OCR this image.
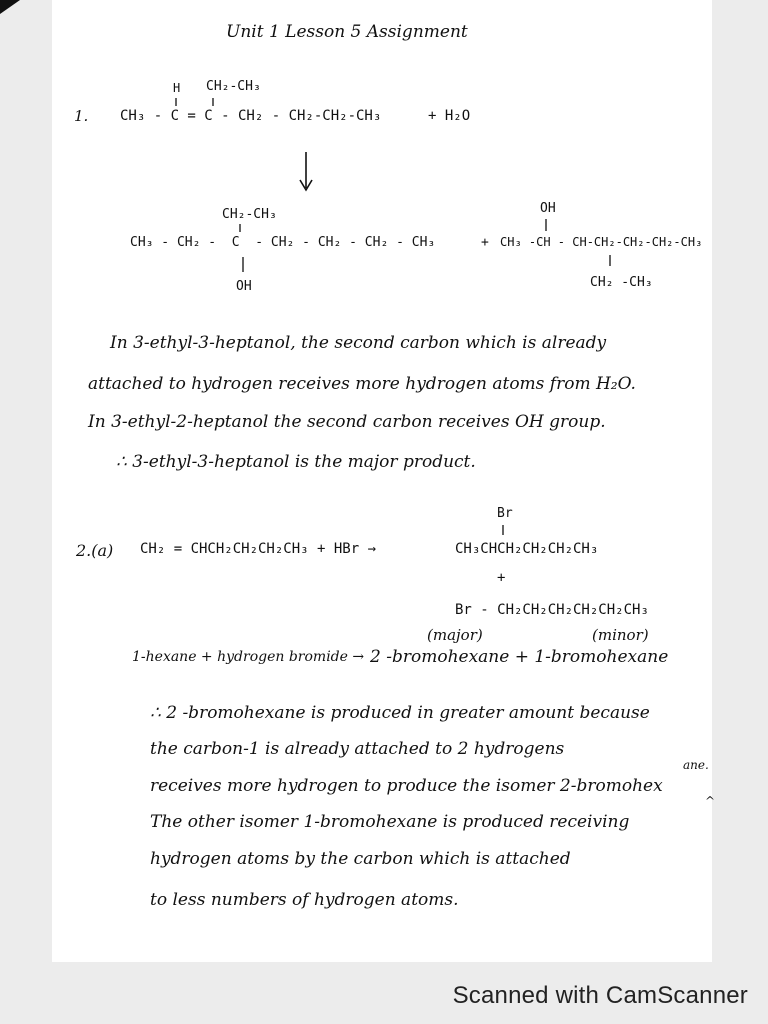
Unit 1 Lesson 5 Assignment
1.
H CH₂-CH₃
CH₃ - C = C - CH₂ - CH₂-CH₂-CH₃	+ H₂O
CH₂-CH₃
CH₃ - CH₂ -  C  - CH₂ - CH₂ - CH₂ - CH₃
OH
+
OH
CH₃ -CH - CH-CH₂-CH₂-CH₂-CH₃
CH₂ -CH₃
In 3-ethyl-3-heptanol, the second carbon which is already
attached to hydrogen receives more hydrogen atoms from H₂O.
In 3-ethyl-2-heptanol the second carbon receives OH group.
∴ 3-ethyl-3-heptanol is the major product.
Br
2.(a) CH₂ = CHCH₂CH₂CH₂CH₃ + HBr →	CH₃CHCH₂CH₂CH₂CH₃
+
Br - CH₂CH₂CH₂CH₂CH₂CH₃
(major)	(minor)
1-hexane + hydrogen bromide → 2 -bromohexane + 1-bromohexane
∴ 2 -bromohexane is produced in greater amount because
the carbon-1 is already attached to 2 hydrogens
ane.
receives more hydrogen to produce the isomer 2-bromohex
^
The other isomer 1-bromohexane is produced receiving
hydrogen atoms by the carbon which is attached
to less numbers of hydrogen atoms.
Scanned with CamScanner
